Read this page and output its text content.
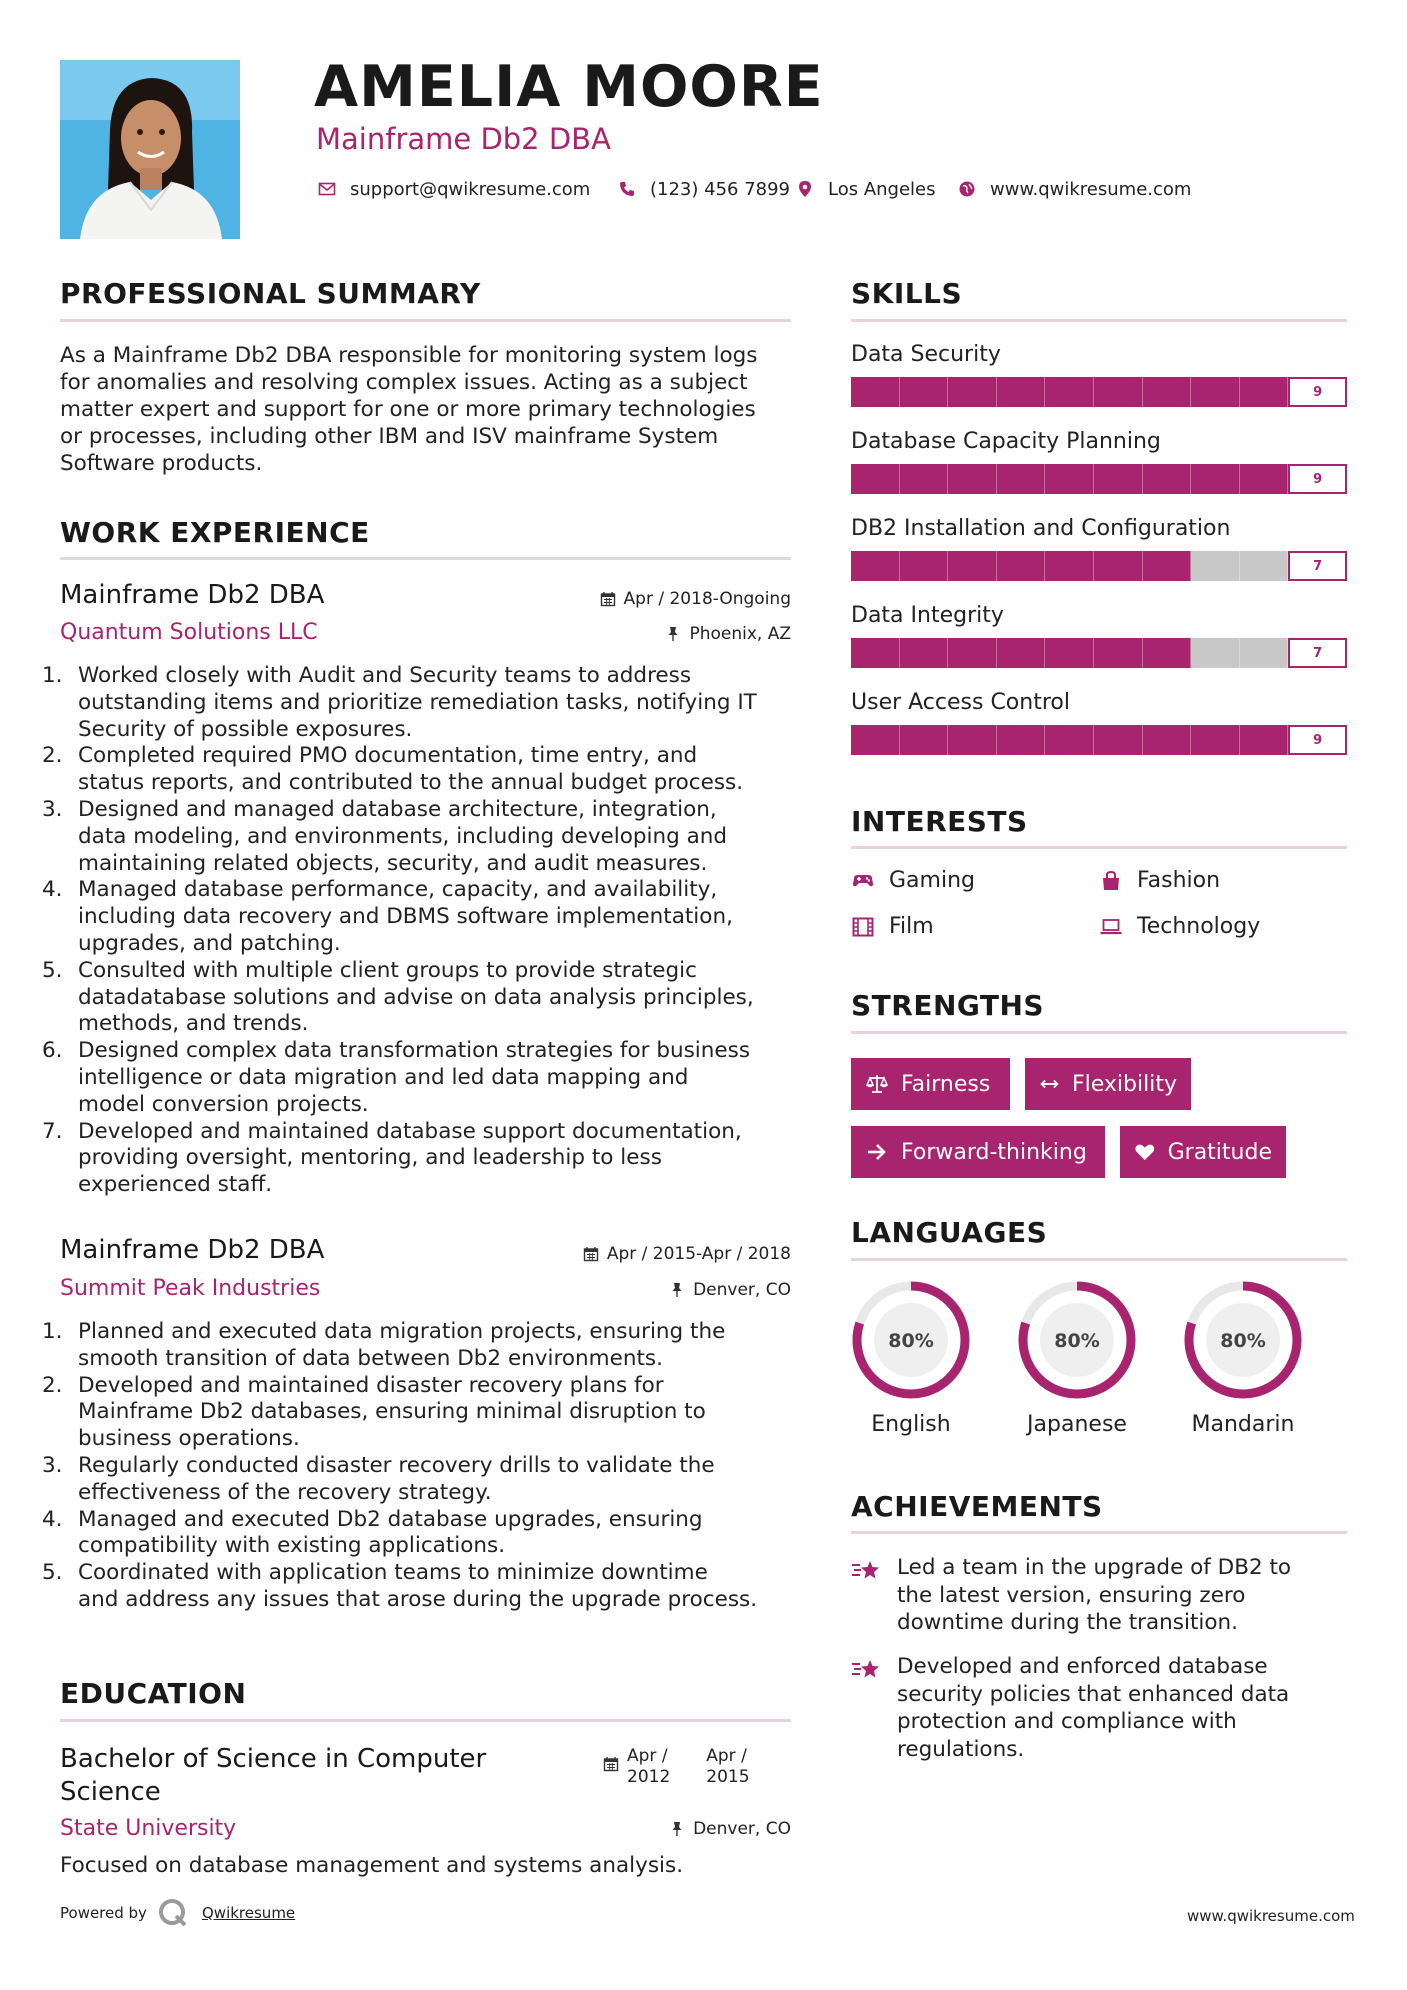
AMELIA MOORE
Mainframe Db2 DBA
support@qwikresume.com	(123) 456 7899 Los Angeles	www.qwikresume.com
PROFESSIONAL SUMMARY
As a Mainframe Db2 DBA responsible for monitoring system logs
for anomalies and resolving complex issues. Acting as a subject
matter expert and support for one or more primary technologies
or processes, including other IBM and ISV mainframe System
Software products.
WORK EXPERIENCE
Mainframe Db2 DBA	Apr / 2018-Ongoing
Quantum Solutions LLC	Phoenix, AZ
1. Worked closely with Audit and Security teams to address
outstanding items and prioritize remediation tasks, notifying IT
Security of possible exposures.
2. Completed required PMO documentation, time entry, and
status reports, and contributed to the annual budget process.
3. Designed and managed database architecture, integration,
data modeling, and environments, including developing and
maintaining related objects, security, and audit measures.
4. Managed database performance, capacity, and availability,
including data recovery and DBMS software implementation,
upgrades, and patching.
5. Consulted with multiple client groups to provide strategic
datadatabase solutions and advise on data analysis principles,
methods, and trends.
6. Designed complex data transformation strategies for business
intelligence or data migration and led data mapping and
model conversion projects.
7. Developed and maintained database support documentation,
providing oversight, mentoring, and leadership to less
experienced staff.
Mainframe Db2 DBA	Apr / 2015-Apr / 2018
Summit Peak Industries	Denver, CO
1. Planned and executed data migration projects, ensuring the
smooth transition of data between Db2 environments.
2. Developed and maintained disaster recovery plans for
Mainframe Db2 databases, ensuring minimal disruption to
business operations.
3. Regularly conducted disaster recovery drills to validate the
effectiveness of the recovery strategy.
4. Managed and executed Db2 database upgrades, ensuring
compatibility with existing applications.
5. Coordinated with application teams to minimize downtime
and address any issues that arose during the upgrade process.
EDUCATION
Bachelor of Science in Computer
Science
Apr /
2012
Apr /
2015
State University	Denver, CO
Focused on database management and systems analysis.
SKILLS
Data Security
9
Database Capacity Planning
9
DB2 Installation and Configuration
7
Data Integrity
7
User Access Control
9
INTERESTS
Gaming	Fashion
Film	Technology
STRENGTHS
Fairness	Flexibility
Forward-thinking	Gratitude
LANGUAGES
80%
English
80%
Japanese
80%
Mandarin
ACHIEVEMENTS
Led a team in the upgrade of DB2 to
the latest version, ensuring zero
downtime during the transition.
Developed and enforced database
security policies that enhanced data
protection and compliance with
regulations.
Powered by	Qwikresume	www.qwikresume.com
